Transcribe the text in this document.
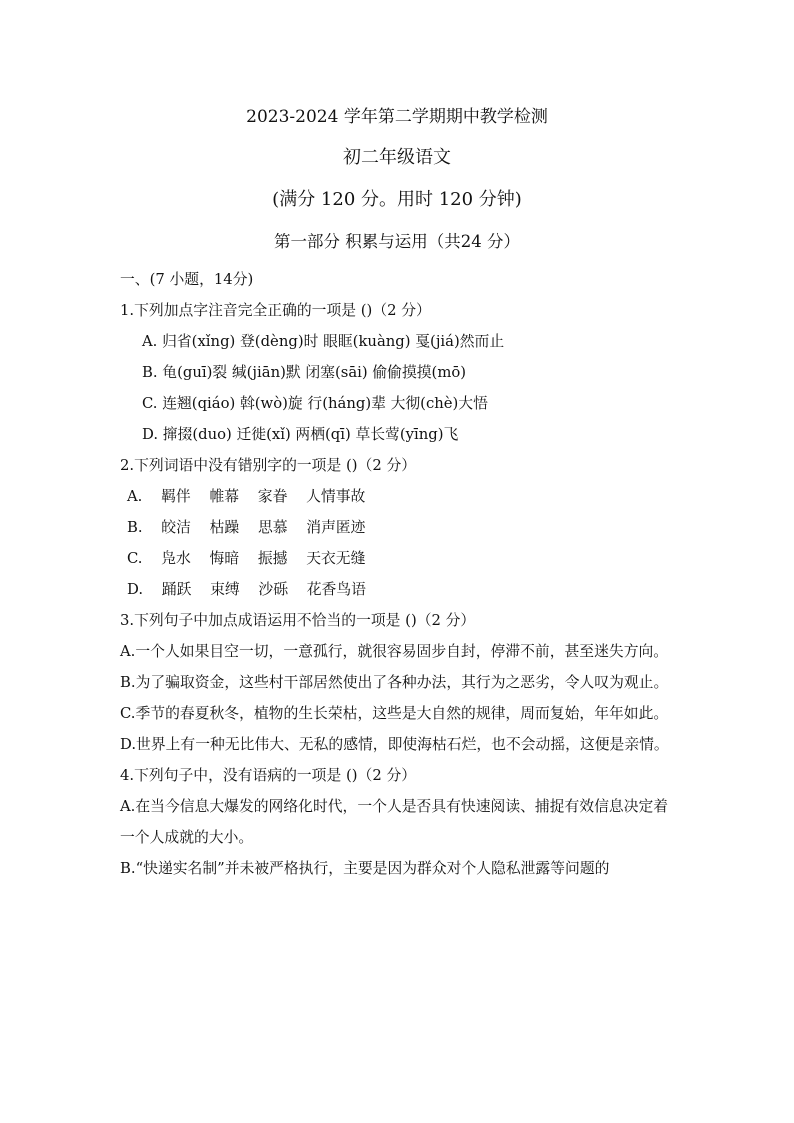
2023-2024 学年第二学期期中教学检测
初二年级语文
(满分 120 分。用时 120 分钟)
第一部分 积累与运用（共24 分）
一、(7 小题，14分)
1.下列加点字注音完全正确的一项是 ()（2 分）
A. 归省(xǐng) 登(dèng)时 眼眶(kuàng) 戛(jiá)然而止
B. 龟(guī)裂 缄(jiān)默 闭塞(sāi) 偷偷摸摸(mō)
C. 连翘(qiáo) 斡(wò)旋 行(háng)辈 大彻(chè)大悟
D. 撺掇(duo) 迁徙(xǐ) 两栖(qī) 草长莺(yīng)飞
2.下列词语中没有错别字的一项是 ()（2 分）
A. 羁伴 帷幕 家眷 人情事故
B. 皎洁 枯躁 思慕 消声匿迹
C. 凫水 悔暗 振撼 天衣无缝
D. 踊跃 束缚 沙砾 花香鸟语
3.下列句子中加点成语运用不恰当的一项是 ()（2 分）
A.一个人如果目空一切，一意孤行，就很容易固步自封，停滞不前，甚至迷失方向。
B.为了骗取资金，这些村干部居然使出了各种办法，其行为之恶劣，令人叹为观止。
C.季节的春夏秋冬，植物的生长荣枯，这些是大自然的规律，周而复始，年年如此。
D.世界上有一种无比伟大、无私的感情，即使海枯石烂，也不会动摇，这便是亲情。
4.下列句子中，没有语病的一项是 ()（2 分）
A.在当今信息大爆发的网络化时代，一个人是否具有快速阅读、捕捉有效信息决定着一个人成就的大小。
B.“快递实名制”并未被严格执行，主要是因为群众对个人隐私泄露等问题的
